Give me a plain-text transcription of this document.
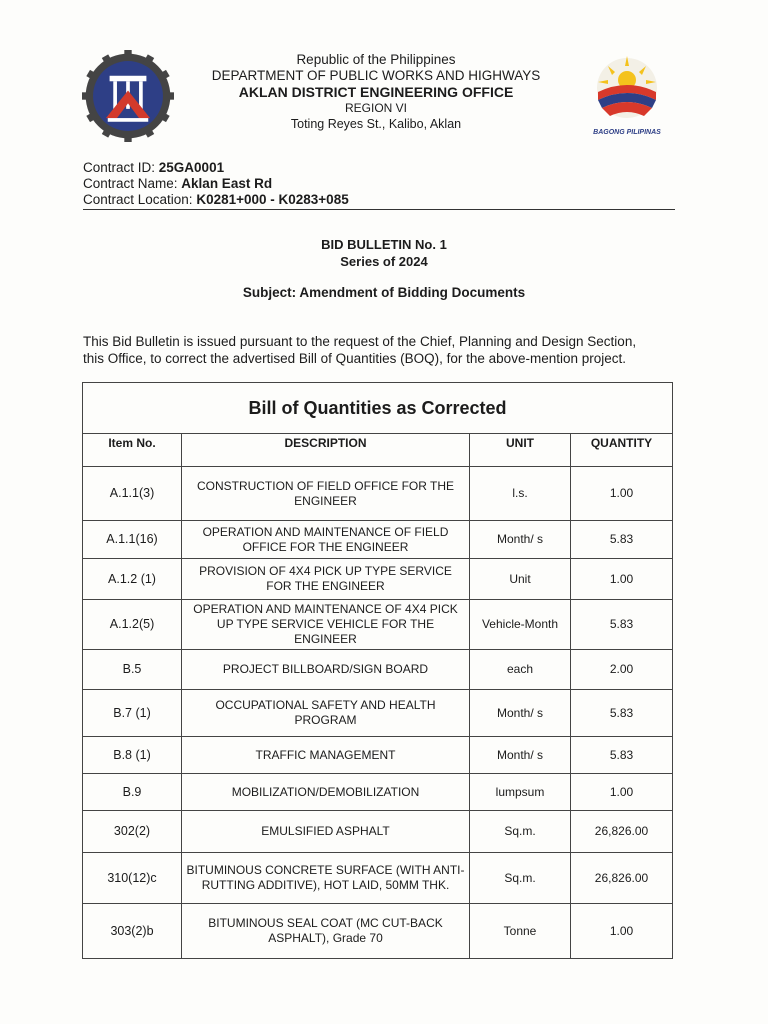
Republic of the Philippines
DEPARTMENT OF PUBLIC WORKS AND HIGHWAYS
AKLAN DISTRICT ENGINEERING OFFICE
REGION VI
Toting Reyes St., Kalibo, Aklan
BAGONG PILIPINAS
Contract ID: 25GA0001
Contract Name: Aklan East Rd
Contract Location: K0281+000 - K0283+085
BID BULLETIN No. 1
Series of 2024
Subject: Amendment of Bidding Documents
This Bid Bulletin is issued pursuant to the request of the Chief, Planning and Design Section,
this Office, to correct the advertised Bill of Quantities (BOQ), for the above-mention project.
Bill of Quantities as Corrected			
Item No.	DESCRIPTION	UNIT	QUANTITY
A.1.1(3)	CONSTRUCTION OF FIELD OFFICE FOR THE ENGINEER	l.s.	1.00
A.1.1(16)	OPERATION AND MAINTENANCE OF FIELD OFFICE FOR THE ENGINEER	Month/ s	5.83
A.1.2 (1)	PROVISION OF 4X4 PICK UP TYPE SERVICE FOR THE ENGINEER	Unit	1.00
A.1.2(5)	OPERATION AND MAINTENANCE OF 4X4 PICK UP TYPE SERVICE VEHICLE FOR THE ENGINEER	Vehicle-Month	5.83
B.5	PROJECT BILLBOARD/SIGN BOARD	each	2.00
B.7 (1)	OCCUPATIONAL SAFETY AND HEALTH PROGRAM	Month/ s	5.83
B.8 (1)	TRAFFIC MANAGEMENT	Month/ s	5.83
B.9	MOBILIZATION/DEMOBILIZATION	lumpsum	1.00
302(2)	EMULSIFIED ASPHALT	Sq.m.	26,826.00
310(12)c	BITUMINOUS CONCRETE SURFACE (WITH ANTI-RUTTING ADDITIVE), HOT LAID, 50MM THK.	Sq.m.	26,826.00
303(2)b	BITUMINOUS SEAL COAT (MC CUT-BACK ASPHALT), Grade 70	Tonne	1.00
